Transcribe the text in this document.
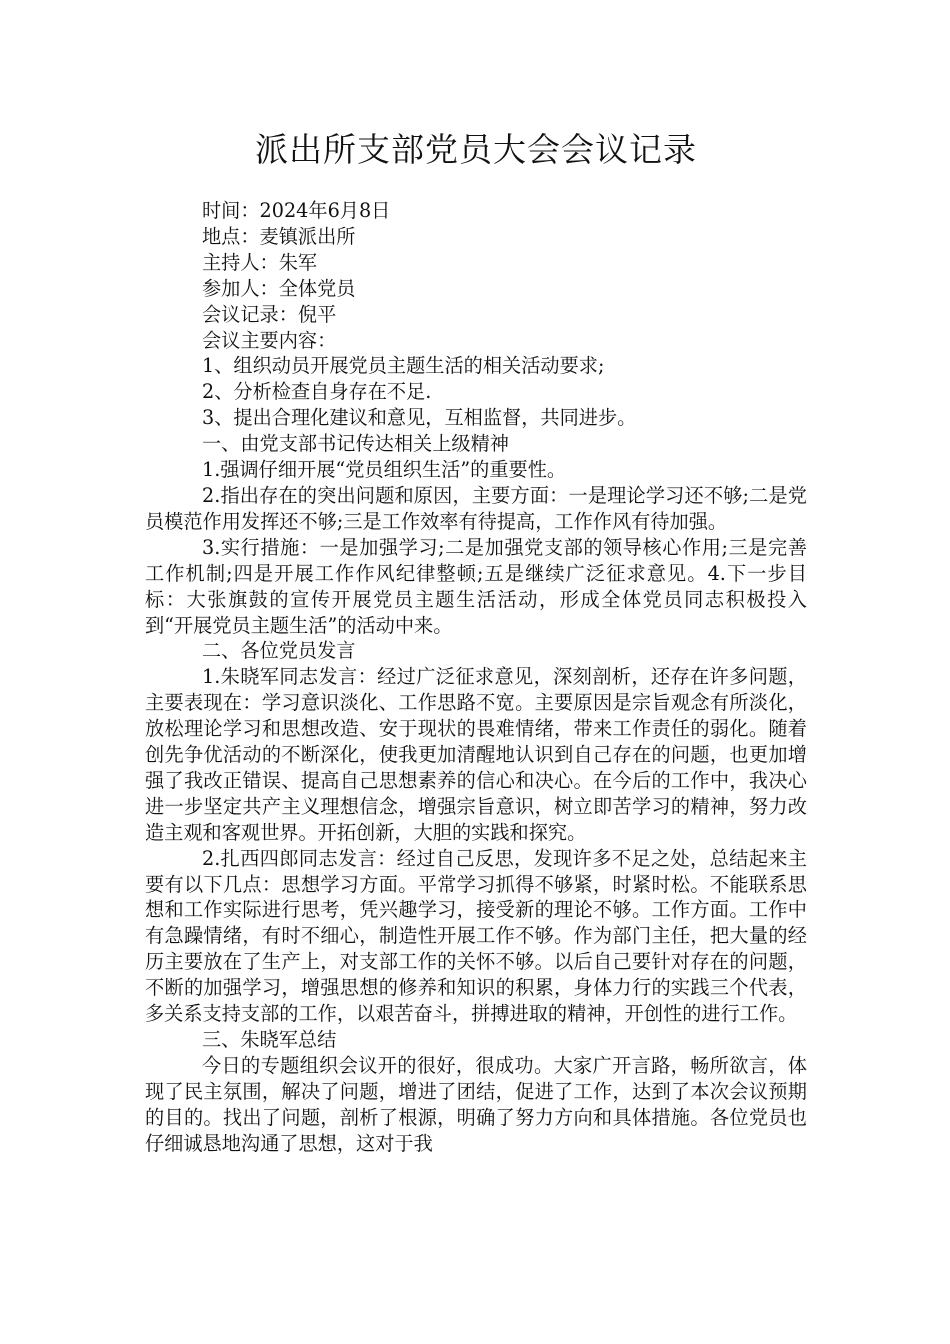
派出所支部党员大会会议记录

时间：2024年6月8日

地点：麦镇派出所

主持人：朱军

参加人：全体党员

会议记录：倪平

会议主要内容：

1、组织动员开展党员主题生活的相关活动要求;

2、分析检查自身存在不足.

3、提出合理化建议和意见，互相监督，共同进步。

一、由党支部书记传达相关上级精神

1.强调仔细开展“党员组织生活”的重要性。

2.指出存在的突出问题和原因，主要方面：一是理论学习还不够;二是党员模范作用发挥还不够;三是工作效率有待提高，工作作风有待加强。

3.实行措施：一是加强学习;二是加强党支部的领导核心作用;三是完善工作机制;四是开展工作作风纪律整顿;五是继续广泛征求意见。4.下一步目标：大张旗鼓的宣传开展党员主题生活活动，形成全体党员同志积极投入到“开展党员主题生活”的活动中来。

二、各位党员发言

1.朱晓军同志发言：经过广泛征求意见，深刻剖析，还存在许多问题，主要表现在：学习意识淡化、工作思路不宽。主要原因是宗旨观念有所淡化，放松理论学习和思想改造、安于现状的畏难情绪，带来工作责任的弱化。随着创先争优活动的不断深化，使我更加清醒地认识到自己存在的问题，也更加增强了我改正错误、提高自己思想素养的信心和决心。在今后的工作中，我决心进一步坚定共产主义理想信念，增强宗旨意识，树立即苦学习的精神，努力改造主观和客观世界。开拓创新，大胆的实践和探究。

2.扎西四郎同志发言：经过自己反思，发现许多不足之处，总结起来主要有以下几点：思想学习方面。平常学习抓得不够紧，时紧时松。不能联系思想和工作实际进行思考，凭兴趣学习，接受新的理论不够。工作方面。工作中有急躁情绪，有时不细心，制造性开展工作不够。作为部门主任，把大量的经历主要放在了生产上，对支部工作的关怀不够。以后自己要针对存在的问题，不断的加强学习，增强思想的修养和知识的积累，身体力行的实践三个代表，多关系支持支部的工作，以艰苦奋斗，拼搏进取的精神，开创性的进行工作。

三、朱晓军总结

今日的专题组织会议开的很好，很成功。大家广开言路，畅所欲言，体现了民主氛围，解决了问题，增进了团结，促进了工作，达到了本次会议预期的目的。找出了问题，剖析了根源，明确了努力方向和具体措施。各位党员也仔细诚恳地沟通了思想，这对于我
